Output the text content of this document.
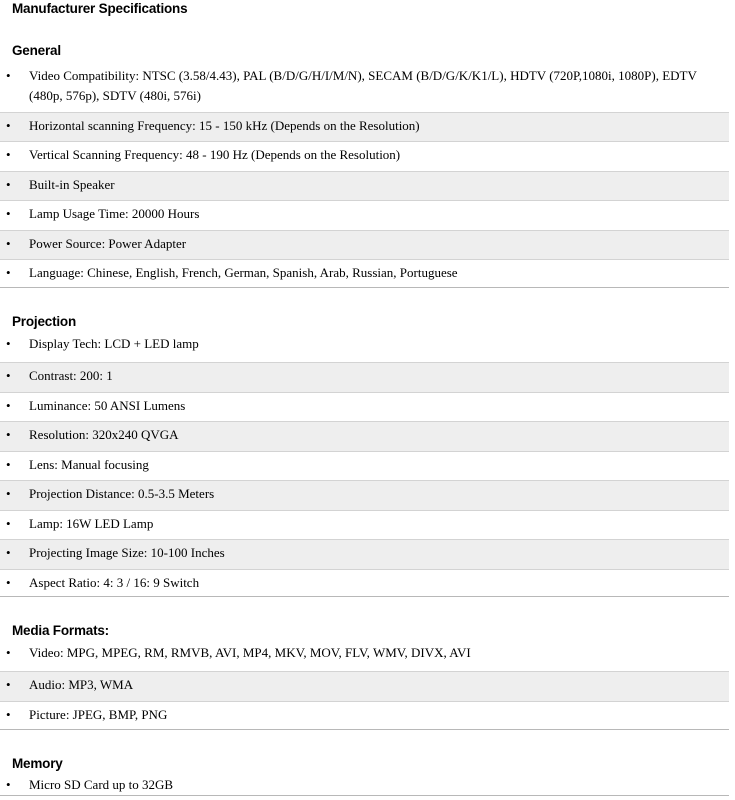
Manufacturer Specifications
General
• Video Compatibility: NTSC (3.58/4.43), PAL (B/D/G/H/I/M/N), SECAM (B/D/G/K/K1/L), HDTV (720P,1080i, 1080P), EDTV (480p, 576p), SDTV (480i, 576i)
• Horizontal scanning Frequency: 15 - 150 kHz (Depends on the Resolution)
• Vertical Scanning Frequency: 48 - 190 Hz (Depends on the Resolution)
• Built-in Speaker
• Lamp Usage Time: 20000 Hours
• Power Source: Power Adapter
• Language: Chinese, English, French, German, Spanish, Arab, Russian, Portuguese
Projection
• Display Tech: LCD + LED lamp
• Contrast: 200: 1
• Luminance: 50 ANSI Lumens
• Resolution: 320x240 QVGA
• Lens: Manual focusing
• Projection Distance: 0.5-3.5 Meters
• Lamp: 16W LED Lamp
• Projecting Image Size: 10-100 Inches
• Aspect Ratio: 4: 3 / 16: 9 Switch
Media Formats:
• Video: MPG, MPEG, RM, RMVB, AVI, MP4, MKV, MOV, FLV, WMV, DIVX, AVI
• Audio: MP3, WMA
• Picture: JPEG, BMP, PNG
Memory
• Micro SD Card up to 32GB
